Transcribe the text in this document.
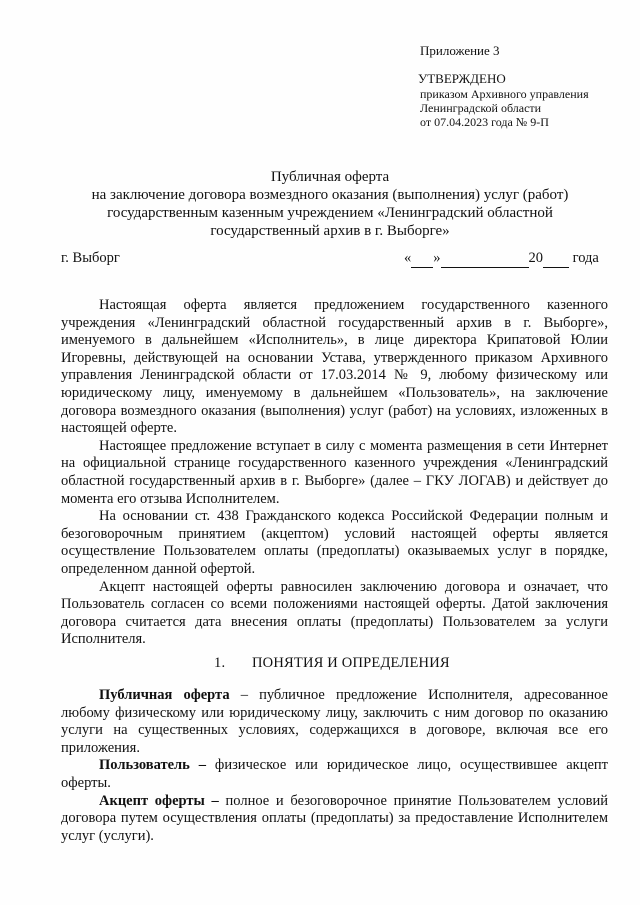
Приложение 3
УТВЕРЖДЕНО
приказом Архивного управления
Ленинградской области
от 07.04.2023 года № 9-П
Публичная оферта
на заключение договора возмездного оказания (выполнения) услуг (работ)
государственным казенным учреждением «Ленинградский областной
государственный архив в г. Выборге»
г. Выборг	« »	20 года

Настоящая оферта является предложением государственного казенного учреждения «Ленинградский областной государственный архив в г. Выборге», именуемого в дальнейшем «Исполнитель», в лице директора Крипатовой Юлии Игоревны, действующей на основании Устава, утвержденного приказом Архивного управления Ленинградской области от 17.03.2014 № 9, любому физическому или юридическому лицу, именуемому в дальнейшем «Пользователь», на заключение договора возмездного оказания (выполнения) услуг (работ) на условиях, изложенных в настоящей оферте.

Настоящее предложение вступает в силу с момента размещения в сети Интернет на официальной странице государственного казенного учреждения «Ленинградский областной государственный архив в г. Выборге» (далее – ГКУ ЛОГАВ) и действует до момента его отзыва Исполнителем.

На основании ст. 438 Гражданского кодекса Российской Федерации полным и безоговорочным принятием (акцептом) условий настоящей оферты является осуществление Пользователем оплаты (предоплаты) оказываемых услуг в порядке, определенном данной офертой.

Акцепт настоящей оферты равносилен заключению договора и означает, что Пользователь согласен со всеми положениями настоящей оферты. Датой заключения договора считается дата внесения оплаты (предоплаты) Пользователем за услуги Исполнителя.

1. ПОНЯТИЯ И ОПРЕДЕЛЕНИЯ

Публичная оферта – публичное предложение Исполнителя, адресованное любому физическому или юридическому лицу, заключить с ним договор по оказанию услуги на существенных условиях, содержащихся в договоре, включая все его приложения.

Пользователь – физическое или юридическое лицо, осуществившее акцепт оферты.

Акцепт оферты – полное и безоговорочное принятие Пользователем условий договора путем осуществления оплаты (предоплаты) за предоставление Исполнителем услуг (услуги).
